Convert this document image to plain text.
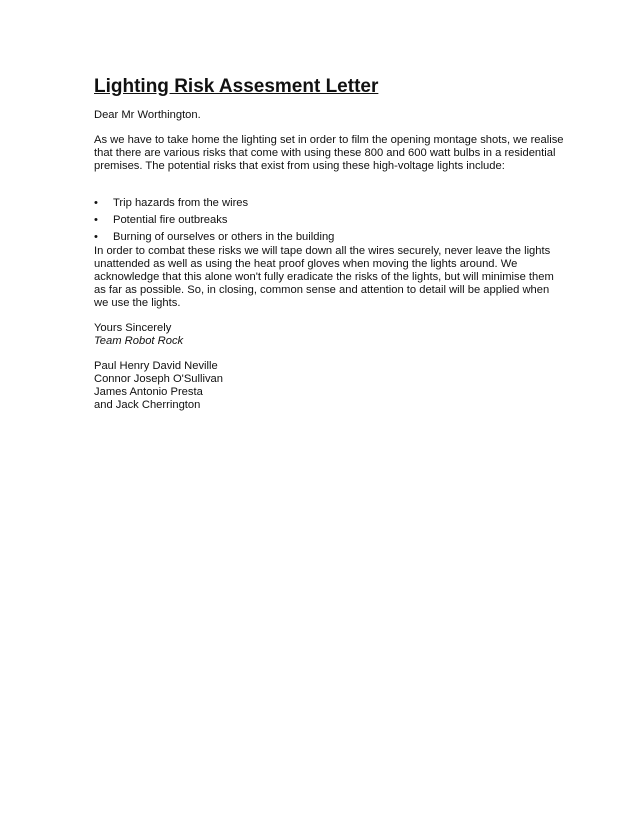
Lighting Risk Assesment Letter

Dear Mr Worthington.

As we have to take home the lighting set in order to film the opening montage shots, we realise that there are various risks that come with using these 800 and 600 watt bulbs in a residential premises. The potential risks that exist from using these high-voltage lights include:

• Trip hazards from the wires
• Potential fire outbreaks
• Burning of ourselves or others in the building

In order to combat these risks we will tape down all the wires securely, never leave the lights unattended as well as using the heat proof gloves when moving the lights around. We acknowledge that this alone won't fully eradicate the risks of the lights, but will minimise them as far as possible. So, in closing, common sense and attention to detail will be applied when we use the lights.

Yours Sincerely

Team Robot Rock

Paul Henry David Neville

Connor Joseph O'Sullivan

James Antonio Presta

and Jack Cherrington
